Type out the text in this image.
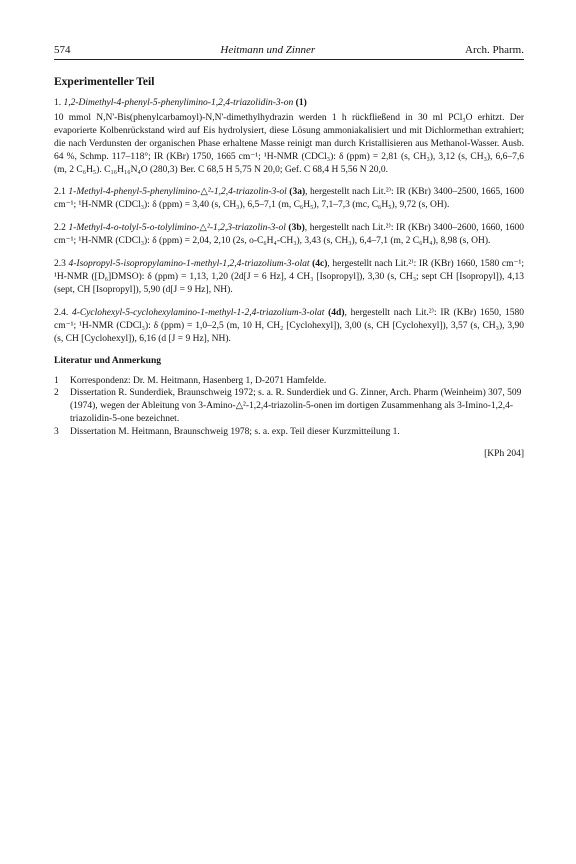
574	Heitmann und Zinner	Arch. Pharm.
Experimenteller Teil

1. 1,2-Dimethyl-4-phenyl-5-phenylimino-1,2,4-triazolidin-3-on (1)

10 mmol N,N'-Bis(phenylcarbamoyl)-N,N'-dimethylhydrazin werden 1 h rückfließend in 30 ml PCl₃O erhitzt. Der evaporierte Kolbenrückstand wird auf Eis hydrolysiert, diese Lösung ammoniakalisiert und mit Dichlormethan extrahiert; die nach Verdunsten der organischen Phase erhaltene Masse reinigt man durch Kristallisieren aus Methanol-Wasser. Ausb. 64 %, Schmp. 117–118°; IR (KBr) 1750, 1665 cm⁻¹; ¹H-NMR (CDCl₃): δ (ppm) = 2,81 (s, CH₃), 3,12 (s, CH₃), 6,6–7,6 (m, 2 C₆H₅). C₁₆H₁₆N₄O (280,3) Ber. C 68,5 H 5,75 N 20,0; Gef. C 68,4 H 5,56 N 20,0.

2.1 1-Methyl-4-phenyl-5-phenylimino-△²-1,2,4-triazolin-3-ol (3a), hergestellt nach Lit.²⁾: IR (KBr) 3400–2500, 1665, 1600 cm⁻¹; ¹H-NMR (CDCl₃): δ (ppm) = 3,40 (s, CH₃), 6,5–7,1 (m, C₆H₅), 7,1–7,3 (mc, C₆H₅), 9,72 (s, OH).

2.2 1-Methyl-4-o-tolyl-5-o-tolylimino-△²-1,2,3-triazolin-3-ol (3b), hergestellt nach Lit.²⁾: IR (KBr) 3400–2600, 1660, 1600 cm⁻¹; ¹H-NMR (CDCl₃): δ (ppm) = 2,04, 2,10 (2s, o-C₆H₄-CH₃), 3,43 (s, CH₃), 6,4–7,1 (m, 2 C₆H₄), 8,98 (s, OH).

2.3 4-Isopropyl-5-isopropylamino-1-methyl-1,2,4-triazolium-3-olat (4c), hergestellt nach Lit.²⁾: IR (KBr) 1660, 1580 cm⁻¹; ¹H-NMR ([D₆]DMSO): δ (ppm) = 1,13, 1,20 (2d[J = 6 Hz], 4 CH₃ [Isopropyl]), 3,30 (s, CH₃; sept CH [Isopropyl]), 4,13 (sept, CH [Isopropyl]), 5,90 (d[J = 9 Hz], NH).

2.4. 4-Cyclohexyl-5-cyclohexylamino-1-methyl-1-2,4-triazolium-3-olat (4d), hergestellt nach Lit.²⁾: IR (KBr) 1650, 1580 cm⁻¹; ¹H-NMR (CDCl₃): δ (ppm) = 1,0–2,5 (m, 10 H, CH₂ [Cyclohexyl]), 3,00 (s, CH [Cyclohexyl]), 3,57 (s, CH₃), 3,90 (s, CH [Cyclohexyl]), 6,16 (d [J = 9 Hz], NH).

Literatur und Anmerkung
1 Korrespondenz: Dr. M. Heitmann, Hasenberg 1, D-2071 Hamfelde.
2 Dissertation R. Sunderdiek, Braunschweig 1972; s. a. R. Sunderdiek und G. Zinner, Arch. Pharm (Weinheim) 307, 509 (1974), wegen der Ableitung von 3-Amino-△²-1,2,4-triazolin-5-onen im dortigen Zusammenhang als 3-Imino-1,2,4-triazolidin-5-one bezeichnet.
3 Dissertation M. Heitmann, Braunschweig 1978; s. a. exp. Teil dieser Kurzmitteilung 1.
[KPh 204]
